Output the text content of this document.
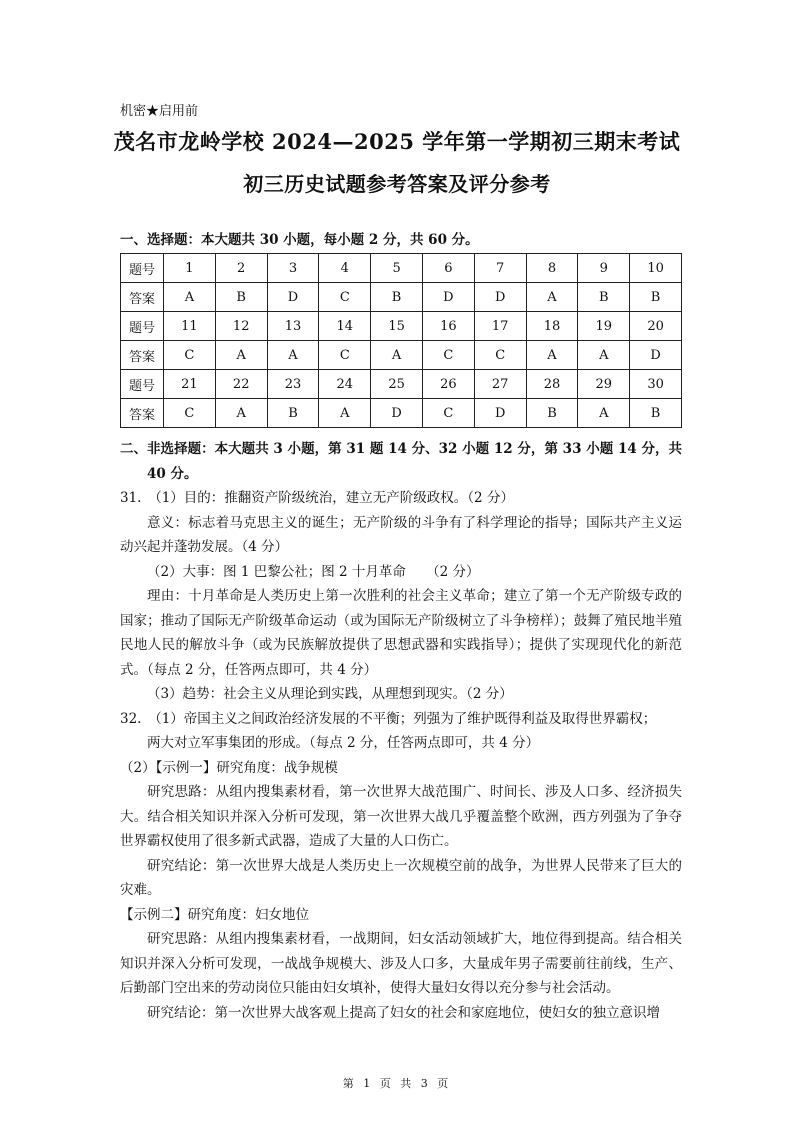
机密★启用前
茂名市龙岭学校 2024—2025 学年第一学期初三期末考试
初三历史试题参考答案及评分参考
一、选择题：本大题共 30 小题，每小题 2 分，共 60 分。
题号	1	2	3	4	5	6	7	8	9	10
答案	A	B	D	C	B	D	D	A	B	B
题号	11	12	13	14	15	16	17	18	19	20
答案	C	A	A	C	A	C	C	A	A	D
题号	21	22	23	24	25	26	27	28	29	30
答案	C	A	B	A	D	C	D	B	A	B

二、非选择题：本大题共 3 小题，第 31 题 14 分、32 小题 12 分，第 33 小题 14 分，共 40 分。

31.　（1）目的：推翻资产阶级统治，建立无产阶级政权。（2 分）

意义：标志着马克思主义的诞生；无产阶级的斗争有了科学理论的指导；国际共产主义运动兴起并蓬勃发展。（4 分）

（2）大事：图 1 巴黎公社；图 2 十月革命　　（2 分）

理由：十月革命是人类历史上第一次胜利的社会主义革命；建立了第一个无产阶级专政的国家；推动了国际无产阶级革命运动（或为国际无产阶级树立了斗争榜样）；鼓舞了殖民地半殖民地人民的解放斗争（或为民族解放提供了思想武器和实践指导）；提供了实现现代化的新范式。（每点 2 分，任答两点即可，共 4 分）

（3）趋势：社会主义从理论到实践，从理想到现实。（2 分）

32.　（1）帝国主义之间政治经济发展的不平衡；列强为了维护既得利益及取得世界霸权；

两大对立军事集团的形成。（每点 2 分，任答两点即可，共 4 分）

（2）【示例一】研究角度：战争规模

研究思路：从组内搜集素材看，第一次世界大战范围广、时间长、涉及人口多、经济损失大。结合相关知识并深入分析可发现，第一次世界大战几乎覆盖整个欧洲，西方列强为了争夺世界霸权使用了很多新式武器，造成了大量的人口伤亡。

研究结论：第一次世界大战是人类历史上一次规模空前的战争，为世界人民带来了巨大的灾难。

【示例二】研究角度：妇女地位

研究思路：从组内搜集素材看，一战期间，妇女活动领域扩大，地位得到提高。结合相关知识并深入分析可发现，一战战争规模大、涉及人口多，大量成年男子需要前往前线，生产、后勤部门空出来的劳动岗位只能由妇女填补，使得大量妇女得以充分参与社会活动。

研究结论：第一次世界大战客观上提高了妇女的社会和家庭地位，使妇女的独立意识增

第 1 页 共 3 页
